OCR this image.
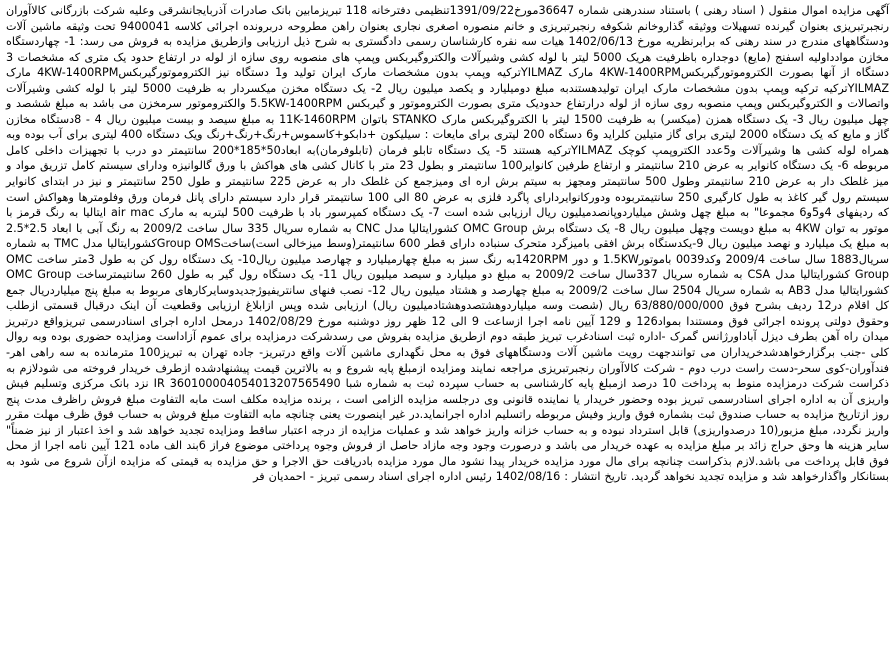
آگهی مزایده اموال منقول ( اسناد رهنی ) باستناد سندرهنی شماره 36647مورخ1391/09/22تنظیمی دفترخانه 118 تبریزمابین بانک صادرات آذربایجانشرقی وعلیه شرکت بازرگانی کالاآوران رنجبرتبریزی بعنوان گیرنده تسهیلات ووثیقه گذاروخانم شکوفه رنجبرتبریزی و خانم منصوره اصغری نجاری بعنوان راهن مطروحه دربرونده اجرائی کلاسه 9400041 تحت وثیقه ماشین آلات ودستگاههای مندرج در سند رهنی که برابرنظریه مورخ 1402/06/13 هیات سه نفره کارشناسان رسمی دادگستری به شرح ذیل ارزیابی وازطریق مزایده به فروش می رسد: 1- چهاردستگاه مخازن موادداولیه اسفنج (مایع) دوجداره باظرفیت هریک 5000 لیتر با لوله کشی وشیرآلات والکتروگیربکس وپمپ های منصوبه روی سازه از لوله در ارتفاع حدود یک متری که مشخصات 3 دستگاه از آنها بصورت الکتروموتورگیربکس4KW-1400RPM مارک YILMAZترکیه وپمپ بدون مشخصات مارک ایران تولید و1 دستگاه نیز الکتروموتورگیربکس4KW-1400RPM مارک YILMAZترکیه ترکیه وپمپ بدون مشخصات مارک ایران تولیدهستندبه مبلغ دومیلیارد و یکصد میلیون ریال 2- یک دستگاه مخزن میکسردار به ظرفیت 5000 لیتر با لوله کشی وشیرآلات واتصالات و الکتروگیربکس وپمپ منصوبه روی سازه از لوله درارتفاع حدودیک متری بصورت الکتروموتور و گیربکس 5.5KW-1400RPM والکتروموتور سرمخزن می باشد به مبلغ ششصد و چهل میلیون ریال 3- یک دستگاه همزن (میکسر) به ظرفیت 1500 لیتر با الکتروگیربکس مارک STANKO باتوان 11K-1460RPM به مبلغ سیصد و بیست میلیون ریال 4 - 8دستگاه مخازن گاز و مایع که یک دستگاه 2000 لیتری برای گاز متیلین کلراید و6 دستگاه 200 لیتری برای مایعات : سیلیکون +دابکو+کاسموس+رنگ+رنگ+رنگ ویک دستگاه 400 لیتری برای آب بوده وبه همراه لوله کشی ها وشیرآلات و5عدد الکتروپمپ کوچک YILMAZترکیه هستند 5- یک دستگاه تابلو فرمان (تابلوفرمان)به ابعاد50*185*200 سانتیمتر دو درب با تجهیزات داخلی کامل مربوطه 6- یک دستگاه کانوایر به عرض 210 سانتیمتر و ارتفاع طرفین کانوایر100 سانتیمتر و بطول 23 متر با کانال کشی های هواکش با ورق گالوانیزه ودارای سیستم کامل تزریق مواد و میز غلطک دار به عرض 210 سانتیمتر وطول 500 سانتیمتر ومجهز به سیتم برش اره ای ومیزجمع کن غلطک دار به عرض 225 سانتیمتر و طول 250 سانتیمتر و نیز در ابتدای کانوایر سیستم رول گیر کاغذ به طول کارگیری 250 سانتیمتربوده ودورکانوایردارای پاگرد فلزی به عرض 80 الی 100 سانتیمتر قرار دارد سیستم دارای پانل فرمان ورق وفلومترها وهواکش است که ردیفهای 4و5و6 مجموعا" به مبلغ چهل وشش میلیاردوپانصدمیلیون ریال ارزیابی شده است 7- یک دستگاه کمپرسور باد با ظرفیت 500 لیتربه به مارک air mac ایتالیا به رنگ قرمز با موتور به توان 4KW به مبلغ دویست وچهل میلیون ریال 8- یک دستگاه برش OMC Group کشورایتالیا مدل CNC به شماره سریال 335 سال ساخت 2009/2 به رنگ آبی با ابعاد 2.5*2.5 به مبلغ یک میلیارد و نهصد میلیون ریال 9-یکدستگاه برش افقی بامیزگرد متحرک سنباده دارای قطر 600 سانتیمتر(وسط میزخالی است)ساختGroup OMSکشورایتالیا مدل TMC به شماره سریال1883 سال ساخت 2009/4 وکد0039 باموتور1.5KW و دور 1420RPMبه رنگ سبز به مبلغ چهارمیلیارد و چهارصد میلیون ریال10- یک دستگاه رول کن به طول 3متر ساخت OMC Group کشورایتالیا مدل CSA به شماره سریال 337سال ساخت 2009/2 به مبلغ دو میلیارد و سیصد میلیون ریال 11- یک دستگاه رول گیر به طول 260 سانتیمترساخت OMC Group کشورایتالیا مدل AB3 به شماره سریال 2504 سال ساخت 2009/2 به مبلغ چهارصد و هشتاد میلیون ریال 12- نصب فنهای سانتریفیوژجدیدوسایرکارهای مربوط به مبلغ پنج میلیاردریال جمع کل اقلام در12 ردیف بشرح فوق 63/880/000/000 ریال (شصت وسه میلیاردوهشتصدوهشتادمیلیون ریال) ارزیابی شده وپس ازابلاغ ارزیابی وقطعیت آن اینک درقبال قسمتی ازطلب وحقوق دولتی پرونده اجرائی فوق ومستندا بمواد126 و 129 آیین نامه اجرا ازساعت 9 الی 12 ظهر روز دوشنبه مورخ 1402/08/29 درمحل اداره اجرای اسنادرسمی تبریزواقع درتبریز میدان راه آهن بطرف دیزل آباداورژانس گمرک -اداره ثبت اسنادغرب تبریز طبقه دوم ازطریق مزایده بفروش می رسدشرکت درمزایده برای عموم آزاداست ومزایده حضوری بوده وبه روال کلی -جنب برگزارخواهدشدخریداران می توانندجهت رویت ماشین آلات ودستگاههای فوق به محل نگهداری ماشین آلات واقع درتبریز- جاده تهران به تبریز100 مترمانده به سه راهی اهر- فندآوران-کوی سحر-دست راست درب دوم - شرکت کالاآوران رنجبرتبریزی مراجعه نمایند ومزایده ازمبلغ پایه شروع و به بالاترین قیمت پیشنهادشده ازطرف خریدار فروخته می شودلازم به ذکراست شرکت درمزایده منوط به پرداخت 10 درصد ازمبلغ پایه کارشناسی به حساب سپرده ثبت به شماره شبا 360100004054013207565490 IR نزد بانک مرکزی وتسلیم فیش واریزی آن به اداره اجرای اسنادرسمی تبریز بوده وحضور خریدار یا نماینده قانونی وی درجلسه مزایده الزامی است ، برنده مزایده مکلف است مابه التفاوت مبلغ فروش راظرف مدت پنج روز ازتاریخ مزایده به حساب صندوق ثبت بشماره فوق واریز وفیش مربوطه راتسلیم اداره اجرانماید.در غیر اینصورت یعنی چنانچه مابه التفاوت مبلغ فروش به حساب فوق ظرف مهلت مقرر واریز نگردد، مبلغ مزبور(10 درصدواریزی) قابل استرداد نبوده و به حساب خزانه واریز خواهد شد و عملیات مزایده از درجه اعتبار ساقط ومزایده تجدید خواهد شد و اخذ اعتبار از نیز ضمناً" سایر هزینه ها وحق حراج زائد بر مبلغ مزایده به عهده خریدار می باشد و درصورت وجود وجه مازاد حاصل از فروش وجوه پرداختی موضوع فراز 6بند الف ماده 121 آیین نامه اجرا از محل فوق قابل پرداخت می باشد.لازم بذکراست چنانچه برای مال مورد مزایده خریدار پیدا نشود مال مورد مزایده بادریافت حق الاجرا و حق مزایده به قیمتی که مزایده ازآن شروع می شود به بستانکار واگذارخواهد شد و مزایده تجدید نخواهد گردید. تاریخ انتشار : 1402/08/16 رئیس اداره اجرای اسناد رسمی تبریز - احمدیان فر
